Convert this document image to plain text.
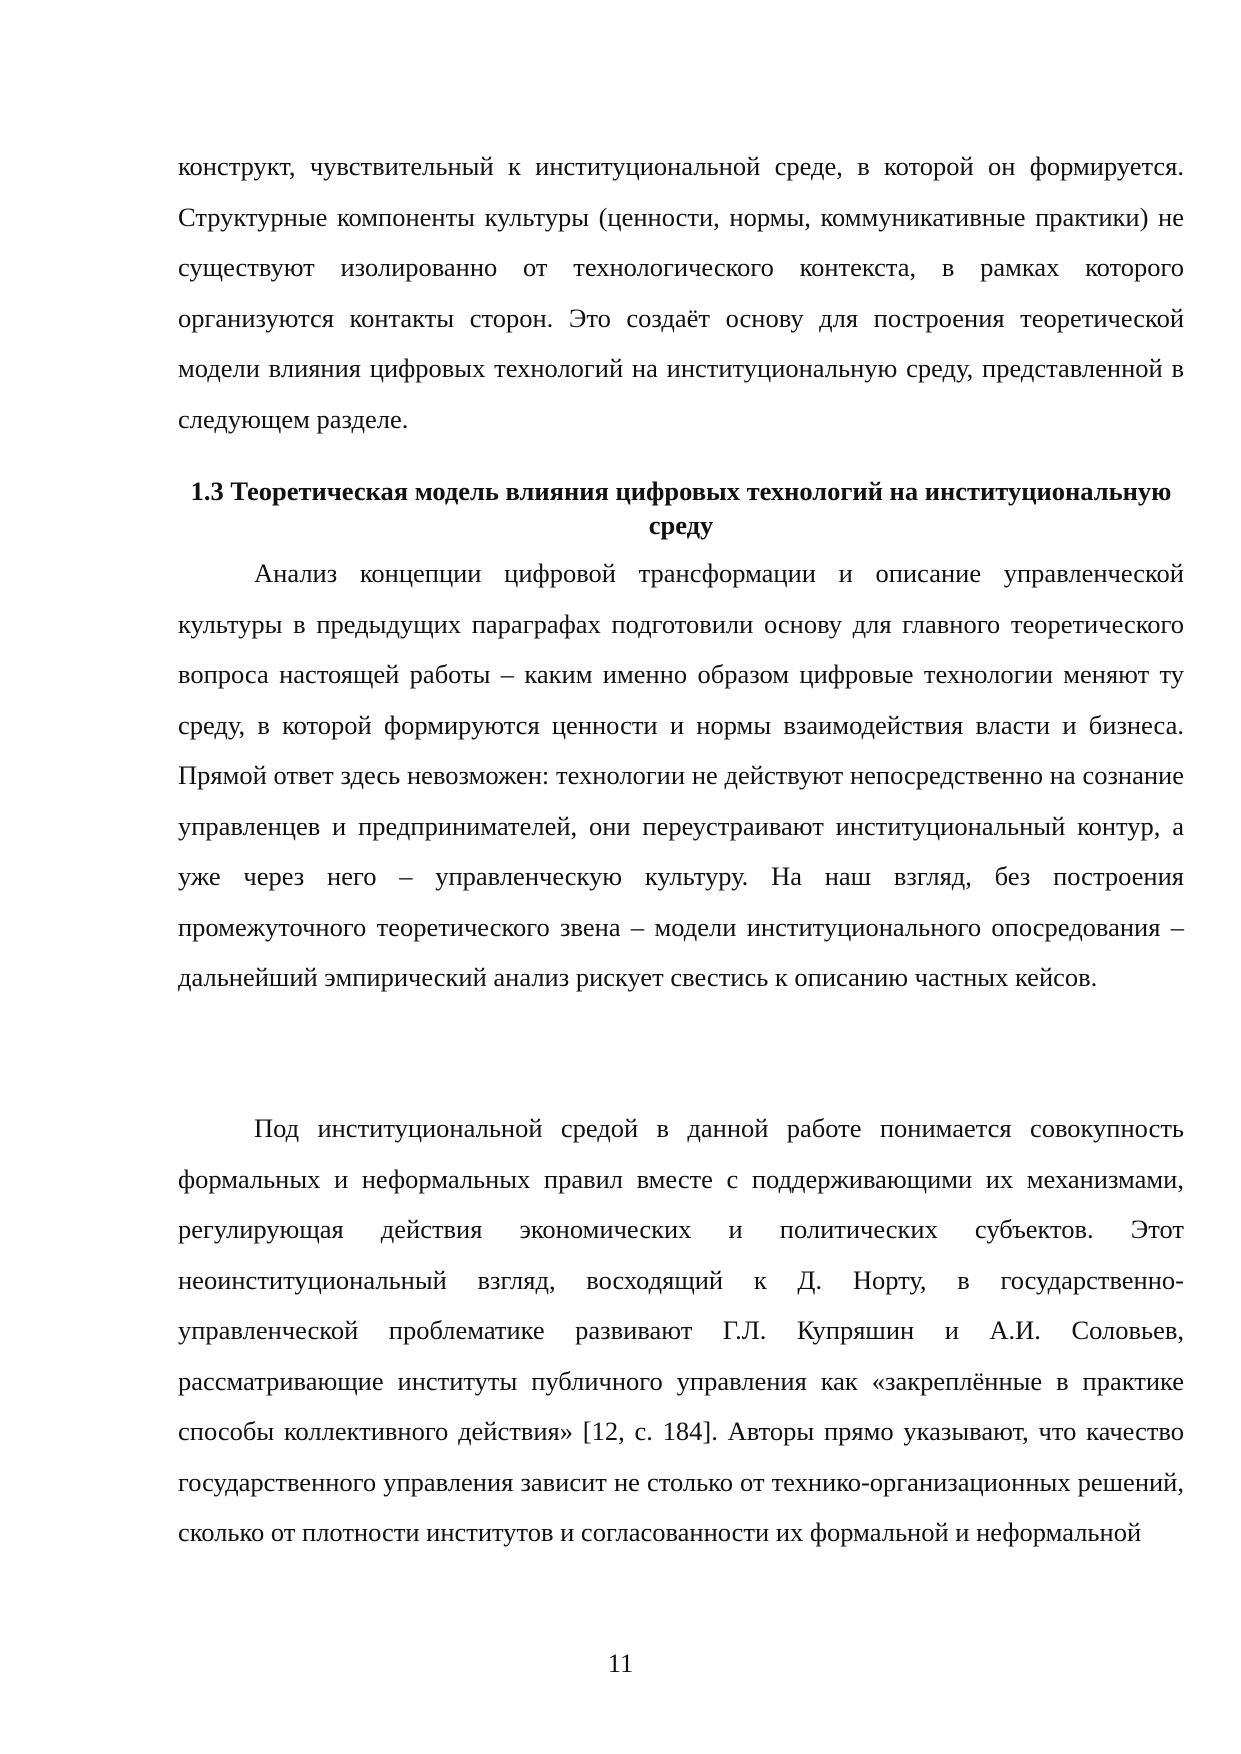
конструкт, чувствительный к институциональной среде, в которой он формируется. Структурные компоненты культуры (ценности, нормы, коммуникативные практики) не существуют изолированно от технологического контекста, в рамках которого организуются контакты сторон. Это создаёт основу для построения теоретической модели влияния цифровых технологий на институциональную среду, представленной в следующем разделе.

1.3 Теоретическая модель влияния цифровых технологий на институциональную среду

Анализ концепции цифровой трансформации и описание управленческой культуры в предыдущих параграфах подготовили основу для главного теоретического вопроса настоящей работы – каким именно образом цифровые технологии меняют ту среду, в которой формируются ценности и нормы взаимодействия власти и бизнеса. Прямой ответ здесь невозможен: технологии не действуют непосредственно на сознание управленцев и предпринимателей, они переустраивают институциональный контур, а уже через него – управленческую культуру. На наш взгляд, без построения промежуточного теоретического звена – модели институционального опосредования – дальнейший эмпирический анализ рискует свестись к описанию частных кейсов.

Под институциональной средой в данной работе понимается совокупность формальных и неформальных правил вместе с поддерживающими их механизмами, регулирующая действия экономических и политических субъектов. Этот неоинституциональный взгляд, восходящий к Д. Норту, в государственно-управленческой проблематике развивают Г.Л. Купряшин и А.И. Соловьев, рассматривающие институты публичного управления как «закреплённые в практике способы коллективного действия» [12, с. 184]. Авторы прямо указывают, что качество государственного управления зависит не столько от технико-организационных решений, сколько от плотности институтов и согласованности их формальной и неформальной

11
